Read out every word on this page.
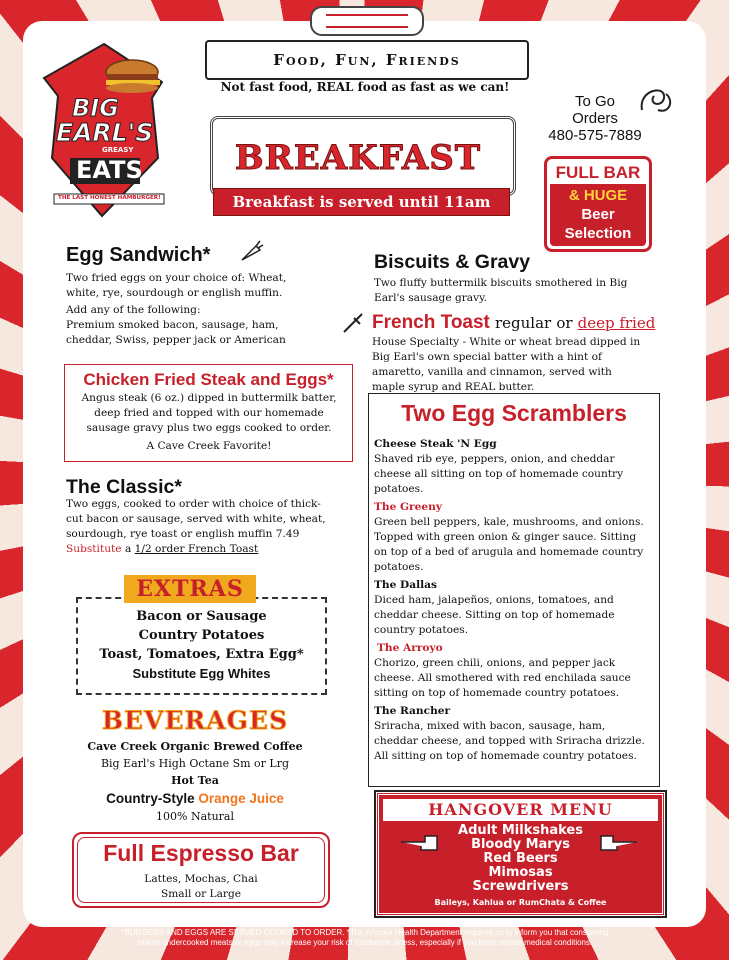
Food, Fun, Friends
Not fast food, REAL food as fast as we can!
BIG
EARL'S
GREASY
EATS
THE LAST HONEST HAMBURGER!
BREAKFAST
Breakfast is served until 11am
To Go
Orders
480-575-7889
& HUGE
Beer
Selection
FULL BAR
Egg Sandwich*
Two fried eggs on your choice of: Wheat, white, rye, sourdough or english muffin.
Add any of the following:
Premium smoked bacon, sausage, ham, cheddar, Swiss, pepper jack or American
Chicken Fried Steak and Eggs*
Angus steak (6 oz.) dipped in buttermilk batter, deep fried and topped with our homemade sausage gravy plus two eggs cooked to order.
A Cave Creek Favorite!
The Classic*
Two eggs, cooked to order with choice of thick-cut bacon or sausage, served with white, wheat, sourdough, rye toast or english muffin 7.49
Substitute a 1/2 order French Toast
Bacon or Sausage
Country Potatoes
Toast, Tomatoes, Extra Egg*
Substitute Egg Whites
EXTRAS
BEVERAGES
Cave Creek Organic Brewed Coffee
Big Earl's High Octane Sm or Lrg
Hot Tea
Country-Style Orange Juice
100% Natural
Full Espresso Bar
Lattes, Mochas, Chai
Small or Large
Biscuits & Gravy
Two fluffy buttermilk biscuits smothered in Big Earl's sausage gravy.
French Toast regular or deep fried
House Specialty - White or wheat bread dipped in Big Earl's own special batter with a hint of amaretto, vanilla and cinnamon, served with maple syrup and REAL butter.
Two Egg Scramblers
Cheese Steak 'N Egg
Shaved rib eye, peppers, onion, and cheddar cheese all sitting on top of homemade country potatoes.
The Greeny
Green bell peppers, kale, mushrooms, and onions. Topped with green onion & ginger sauce. Sitting on top of a bed of arugula and homemade country potatoes.
The Dallas
Diced ham, jalapeños, onions, tomatoes, and cheddar cheese. Sitting on top of homemade country potatoes.
The Arroyo
Chorizo, green chili, onions, and pepper jack cheese. All smothered with red enchilada sauce sitting on top of homemade country potatoes.
The Rancher
Sriracha, mixed with bacon, sausage, ham, cheddar cheese, and topped with Sriracha drizzle. All sitting on top of homemade country potatoes.
HANGOVER MENU
Adult Milkshakes
Bloody Marys
Red Beers
Mimosas
Screwdrivers
Baileys, Kahlua or RumChata & Coffee
*BURGERS AND EGGS ARE SERVED COOKED TO ORDER. *The Arizona Health Department requires us to inform you that consuming
raw or undercooked meats or eggs may increase your risk of foodborne illness, especially if you have certain medical conditions.
